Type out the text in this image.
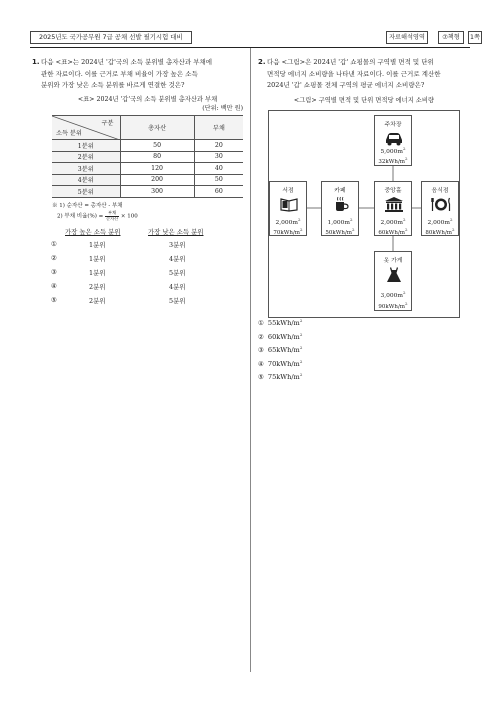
2025년도 국가공무원 7급 공채 선발 필기시험 대비	자료해석영역	⑦책형	1쪽
1. 다음 <표>는 2024년 '갑'국의 소득 분위별 총자산과 부채에
관한 자료이다. 이를 근거로 부채 비율이 가장 높은 소득
분위와 가장 낮은 소득 분위를 바르게 연결한 것은?
<표> 2024년 '갑'국의 소득 분위별 총자산과 부채
(단위: 백만 원)
구분
소득 분위	총자산	부채
1분위	50	20
2분위	80	30
3분위	120	40
4분위	200	50
5분위	300	60
※ 1) 순자산 = 총자산 - 부채
2) 부채 비율(%) = $\frac{\text{부채}}{\text{순자산}} \times 100$
가장 높은 소득 분위	가장 낮은 소득 분위
①	1분위	3분위
②	1분위	4분위
③	1분위	5분위
④	2분위	4분위
⑤	2분위	5분위
2. 다음 <그림>은 2024년 '갑' 쇼핑몰의 구역별 면적 및 단위
면적당 에너지 소비량을 나타낸 자료이다. 이를 근거로 계산한
2024년 '갑' 쇼핑몰 전체 구역의 평균 에너지 소비량은?
<그림> 구역별 면적 및 단위 면적당 에너지 소비량
주차장
$5,000m^2$
$32kWh/m^2$
서점
$2,000m^2$
$70kWh/m^2$
카페
$1,000m^2$
$50kWh/m^2$
중앙홀
$2,000m^2$
$60kWh/m^2$
음식점
$2,000m^2$
$80kWh/m^2$
옷 가게
$3,000m^2$
$90kWh/m^2$
① $55kWh/m^2$
② $60kWh/m^2$
③ $65kWh/m^2$
④ $70kWh/m^2$
⑤ $75kWh/m^2$
